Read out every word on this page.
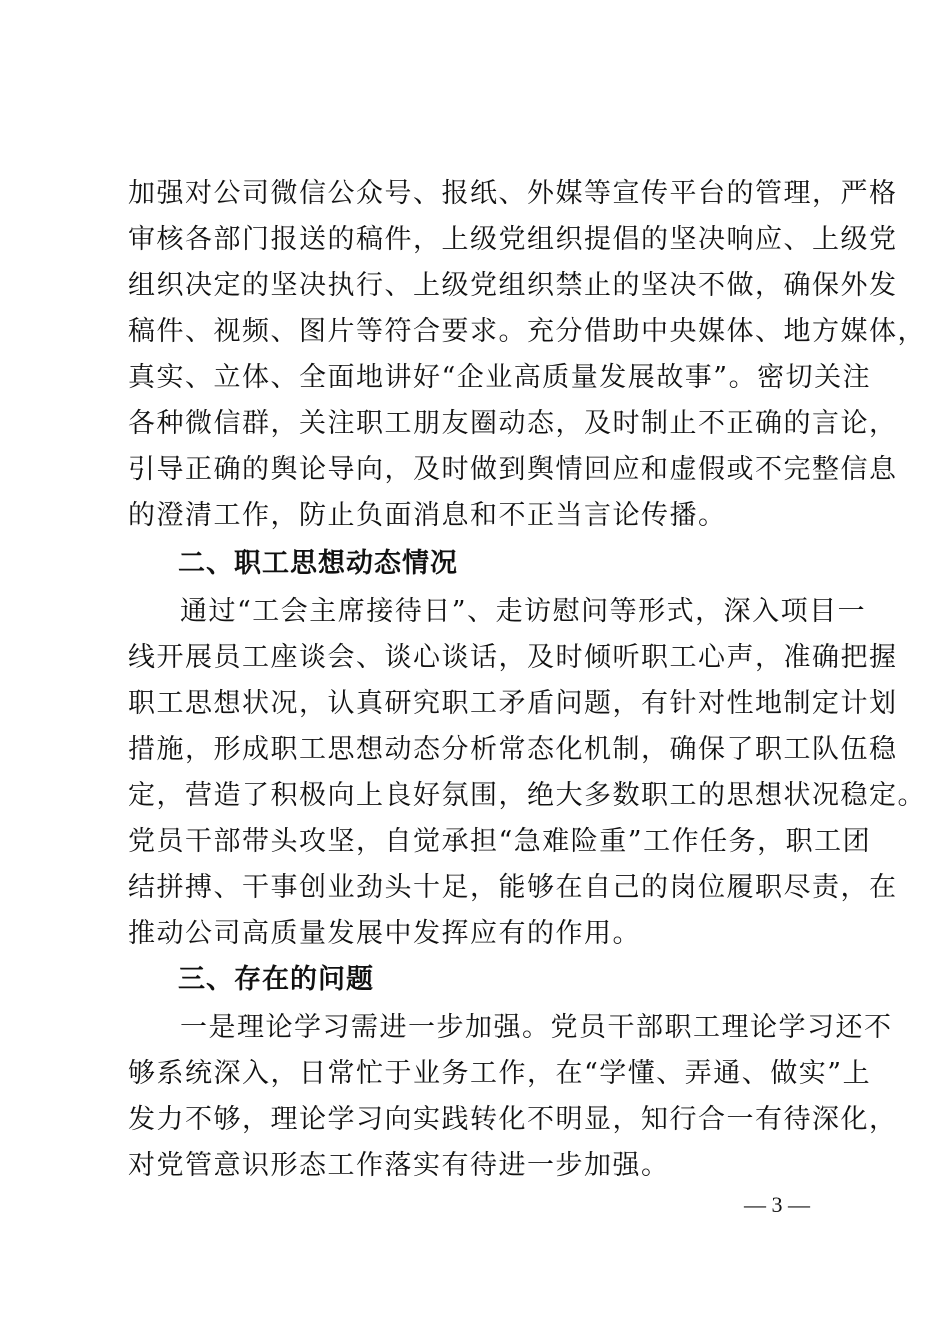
加强对公司微信公众号、报纸、外媒等宣传平台的管理，严格
审核各部门报送的稿件，上级党组织提倡的坚决响应、上级党
组织决定的坚决执行、上级党组织禁止的坚决不做，确保外发
稿件、视频、图片等符合要求。充分借助中央媒体、地方媒体，
真实、立体、全面地讲好“企业高质量发展故事”。密切关注
各种微信群，关注职工朋友圈动态，及时制止不正确的言论，
引导正确的舆论导向，及时做到舆情回应和虚假或不完整信息
的澄清工作，防止负面消息和不正当言论传播。
二、职工思想动态情况
通过“工会主席接待日”、走访慰问等形式，深入项目一
线开展员工座谈会、谈心谈话，及时倾听职工心声，准确把握
职工思想状况，认真研究职工矛盾问题，有针对性地制定计划
措施，形成职工思想动态分析常态化机制，确保了职工队伍稳
定，营造了积极向上良好氛围，绝大多数职工的思想状况稳定。
党员干部带头攻坚，自觉承担“急难险重”工作任务，职工团
结拼搏、干事创业劲头十足，能够在自己的岗位履职尽责，在
推动公司高质量发展中发挥应有的作用。
三、存在的问题
一是理论学习需进一步加强。党员干部职工理论学习还不
够系统深入，日常忙于业务工作，在“学懂、弄通、做实”上
发力不够，理论学习向实践转化不明显，知行合一有待深化，
对党管意识形态工作落实有待进一步加强。
— 3 —
